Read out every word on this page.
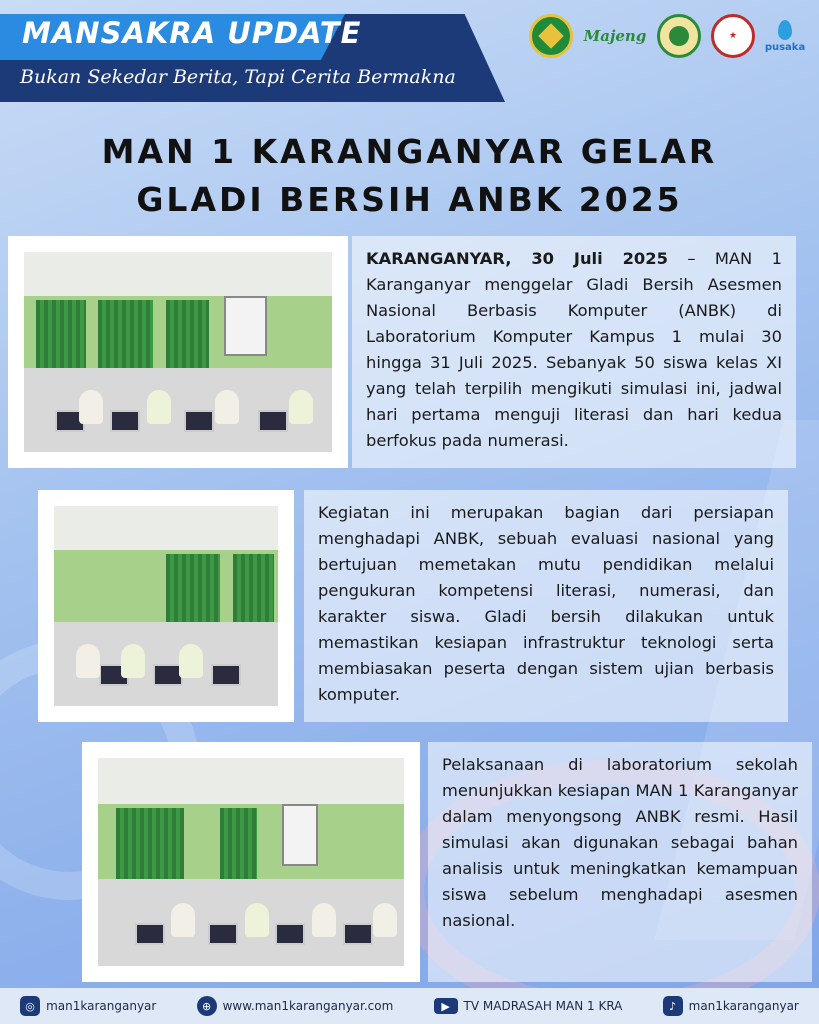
MANSAKRA UPDATE
Bukan Sekedar Berita, Tapi Cerita Bermakna
Majeng	★
pusaka
MAN 1 KARANGANYAR GELAR
GLADI BERSIH ANBK 2025
KARANGANYAR, 30 Juli 2025 – MAN 1 Karanganyar menggelar Gladi Bersih Asesmen Nasional Berbasis Komputer (ANBK) di Laboratorium Komputer Kampus 1 mulai 30 hingga 31 Juli 2025. Sebanyak 50 siswa kelas XI yang telah terpilih mengikuti simulasi ini, jadwal hari pertama menguji literasi dan hari kedua berfokus pada numerasi.
Kegiatan ini merupakan bagian dari persiapan menghadapi ANBK, sebuah evaluasi nasional yang bertujuan memetakan mutu pendidikan melalui pengukuran kompetensi literasi, numerasi, dan karakter siswa. Gladi bersih dilakukan untuk memastikan kesiapan infrastruktur teknologi serta membiasakan peserta dengan sistem ujian berbasis komputer.
Pelaksanaan di laboratorium sekolah menunjukkan kesiapan MAN 1 Karanganyar dalam menyongsong ANBK resmi. Hasil simulasi akan digunakan sebagai bahan analisis untuk meningkatkan kemampuan siswa sebelum menghadapi asesmen nasional.
◎ man1karanganyar	⊕ www.man1karanganyar.com	▶	TV MADRASAH MAN 1 KRA	♪	man1karanganyar
